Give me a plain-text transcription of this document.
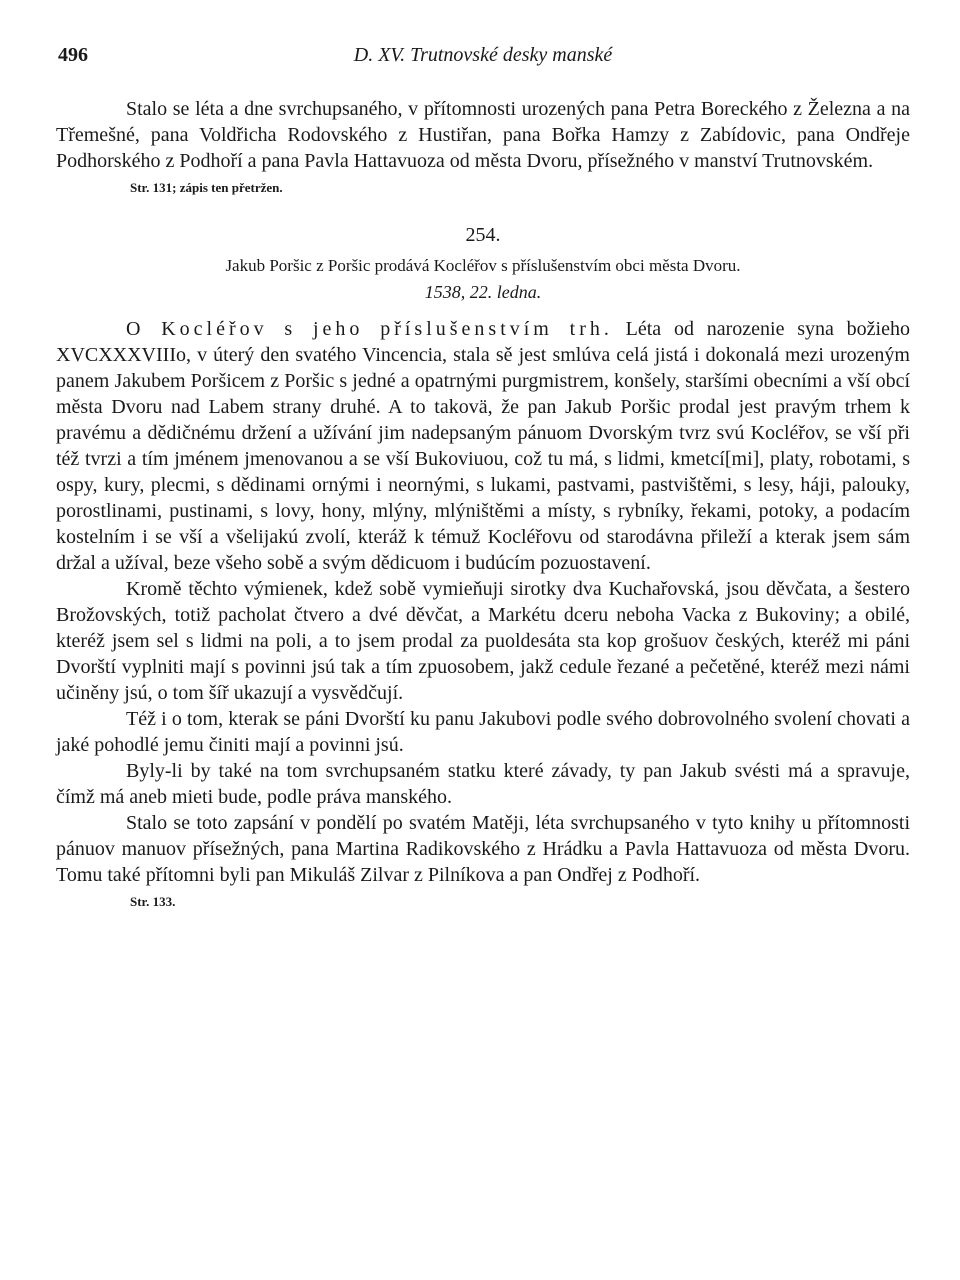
496	D. XV. Trutnovské desky manské

Stalo se léta a dne svrchupsaného, v přítomnosti urozených pana Petra Boreckého z Železna a na Třemešné, pana Voldřicha Rodovského z Hustiřan, pana Bořka Hamzy z Zabídovic, pana Ondřeje Podhorského z Podhoří a pana Pavla Hattavuoza od města Dvoru, přísežného v manství Trutnovském.

Str. 131; zápis ten přetržen.
254.
Jakub Poršic z Poršic prodává Kocléřov s příslušenstvím obci města Dvoru.
1538, 22. ledna.

O Kocléřov s jeho příslušenstvím trh. Léta od narozenie syna božieho XVCXXXVIIIo, v úterý den svatého Vincencia, stala sě jest smlúva celá jistá i dokonalá mezi urozeným panem Jakubem Poršicem z Poršic s jedné a opatrnými purgmistrem, konšely, staršími obecními a vší obcí města Dvoru nad Labem strany druhé. A to takovä, že pan Jakub Poršic prodal jest pravým trhem k pravému a dědičnému držení a užívání jim nadepsaným pánuom Dvorským tvrz svú Kocléřov, se vší při též tvrzi a tím jménem jmenovanou a se vší Bukoviuou, což tu má, s lidmi, kmetcí[mi], platy, robotami, s ospy, kury, plecmi, s dědinami ornými i neornými, s lukami, pastvami, pastvištěmi, s lesy, háji, palouky, porostlinami, pustinami, s lovy, hony, mlýny, mlýništěmi a místy, s rybníky, řekami, potoky, a podacím kostelním i se vší a všelijakú zvolí, kteráž k témuž Kocléřovu od starodávna přileží a kterak jsem sám držal a užíval, beze všeho sobě a svým dědicuom i budúcím pozuostavení.

Kromě těchto výmienek, kdež sobě vymieňuji sirotky dva Kuchařovská, jsou děvčata, a šestero Brožovských, totiž pacholat čtvero a dvé děvčat, a Markétu dceru neboha Vacka z Bukoviny; a obilé, kteréž jsem sel s lidmi na poli, a to jsem prodal za puoldesáta sta kop grošuov českých, kteréž mi páni Dvorští vyplniti mají s povinni jsú tak a tím zpuosobem, jakž cedule řezané a pečetěné, kteréž mezi námi učiněny jsú, o tom šíř ukazují a vysvědčují.

Též i o tom, kterak se páni Dvorští ku panu Jakubovi podle svého dobrovolného svolení chovati a jaké pohodlé jemu činiti mají a povinni jsú.

Byly-li by také na tom svrchupsaném statku které závady, ty pan Jakub svésti má a spravuje, čímž má aneb mieti bude, podle práva manského.

Stalo se toto zapsání v pondělí po svatém Matěji, léta svrchupsaného v tyto knihy u přítomnosti pánuov manuov přísežných, pana Martina Radikovského z Hrádku a Pavla Hattavuoza od města Dvoru. Tomu také přítomni byli pan Mikuláš Zilvar z Pilníkova a pan Ondřej z Podhoří.

Str. 133.
